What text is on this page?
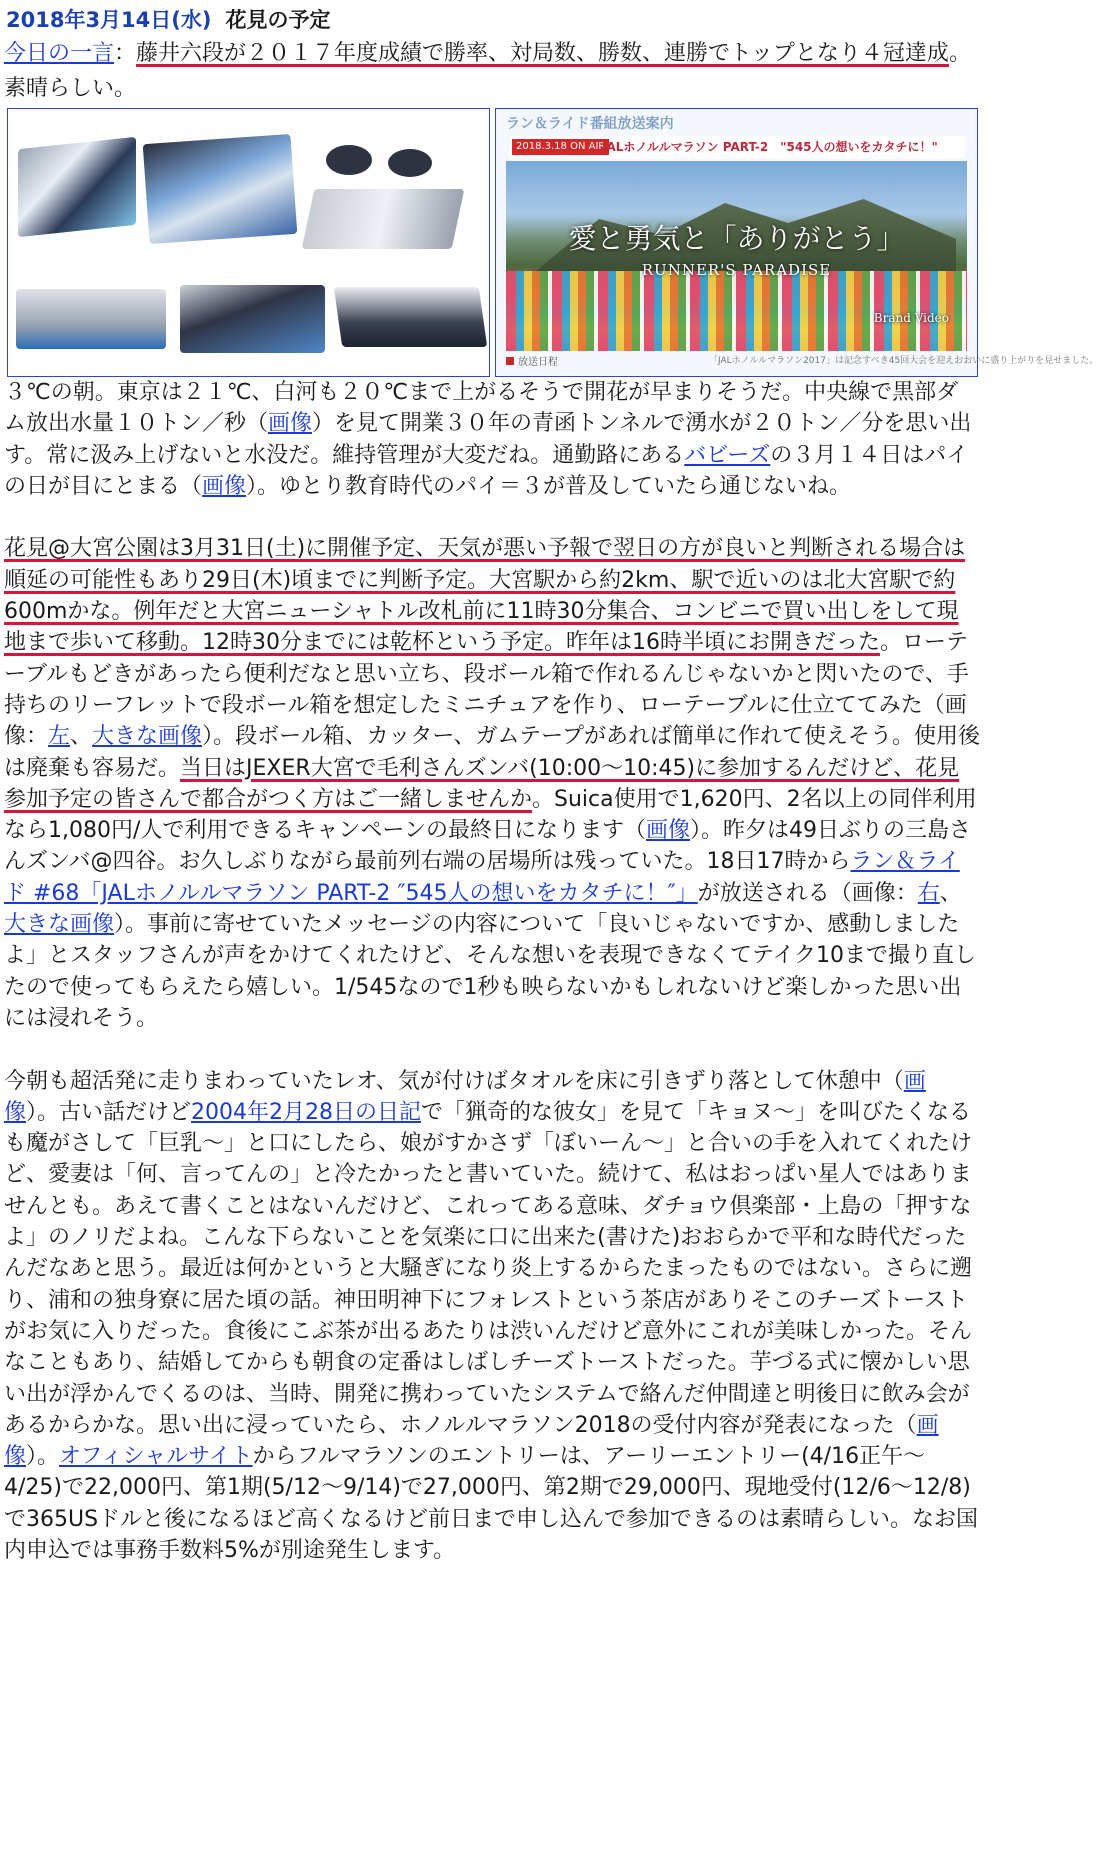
2018年3月14日(水) 花見の予定
今日の一言：藤井六段が２０１７年度成績で勝率、対局数、勝数、連勝でトップとなり４冠達成。素晴らしい。
ラン＆ライド番組放送案内
2018.3.18 ON AIR
JALホノルルマラソン PART-2　"545人の想いをカタチに！"
愛と勇気と「ありがとう」
RUNNER'S PARADISE
Brand Video
放送日程	「JALホノルルマラソン2017」は記念すべき45回大会を迎えおおいに盛り上がりを見せました。

３℃の朝。東京は２１℃、白河も２０℃まで上がるそうで開花が早まりそうだ。中央線で黒部ダム放出水量１０トン／秒（画像）を見て開業３０年の青函トンネルで湧水が２０トン／分を思い出す。常に汲み上げないと水没だ。維持管理が大変だね。通勤路にあるバビーズの３月１４日はパイの日が目にとまる（画像）。ゆとり教育時代のパイ＝３が普及していたら通じないね。

花見@大宮公園は3月31日(土)に開催予定、天気が悪い予報で翌日の方が良いと判断される場合は順延の可能性もあり29日(木)頃までに判断予定。大宮駅から約2km、駅で近いのは北大宮駅で約600mかな。例年だと大宮ニューシャトル改札前に11時30分集合、コンビニで買い出しをして現地まで歩いて移動。12時30分までには乾杯という予定。昨年は16時半頃にお開きだった。ローテーブルもどきがあったら便利だなと思い立ち、段ボール箱で作れるんじゃないかと閃いたので、手持ちのリーフレットで段ボール箱を想定したミニチュアを作り、ローテーブルに仕立ててみた（画像：左、大きな画像）。段ボール箱、カッター、ガムテープがあれば簡単に作れて使えそう。使用後は廃棄も容易だ。当日はJEXER大宮で毛利さんズンバ(10:00～10:45)に参加するんだけど、花見参加予定の皆さんで都合がつく方はご一緒しませんか。Suica使用で1,620円、2名以上の同伴利用なら1,080円/人で利用できるキャンペーンの最終日になります（画像）。昨夕は49日ぶりの三島さんズンバ@四谷。お久しぶりながら最前列右端の居場所は残っていた。18日17時からラン＆ライド #68「JALホノルルマラソン PART-2 ″545人の想いをカタチに！″」が放送される（画像：右、大きな画像）。事前に寄せていたメッセージの内容について「良いじゃないですか、感動しましたよ」とスタッフさんが声をかけてくれたけど、そんな想いを表現できなくてテイク10まで撮り直したので使ってもらえたら嬉しい。1/545なので1秒も映らないかもしれないけど楽しかった思い出には浸れそう。

今朝も超活発に走りまわっていたレオ、気が付けばタオルを床に引きずり落として休憩中（画像）。古い話だけど2004年2月28日の日記で「猟奇的な彼女」を見て「キョヌ～」を叫びたくなるも魔がさして「巨乳～」と口にしたら、娘がすかさず「ぼいーん～」と合いの手を入れてくれたけど、愛妻は「何、言ってんの」と冷たかったと書いていた。続けて、私はおっぱい星人ではありませんとも。あえて書くことはないんだけど、これってある意味、ダチョウ倶楽部・上島の「押すなよ」のノリだよね。こんな下らないことを気楽に口に出来た(書けた)おおらかで平和な時代だったんだなあと思う。最近は何かというと大騒ぎになり炎上するからたまったものではない。さらに遡り、浦和の独身寮に居た頃の話。神田明神下にフォレストという茶店がありそこのチーズトーストがお気に入りだった。食後にこぶ茶が出るあたりは渋いんだけど意外にこれが美味しかった。そんなこともあり、結婚してからも朝食の定番はしばしチーズトーストだった。芋づる式に懐かしい思い出が浮かんでくるのは、当時、開発に携わっていたシステムで絡んだ仲間達と明後日に飲み会があるからかな。思い出に浸っていたら、ホノルルマラソン2018の受付内容が発表になった（画像）。オフィシャルサイトからフルマラソンのエントリーは、アーリーエントリー(4/16正午～4/25)で22,000円、第1期(5/12～9/14)で27,000円、第2期で29,000円、現地受付(12/6～12/8)で365USドルと後になるほど高くなるけど前日まで申し込んで参加できるのは素晴らしい。なお国内申込では事務手数料5%が別途発生します。
